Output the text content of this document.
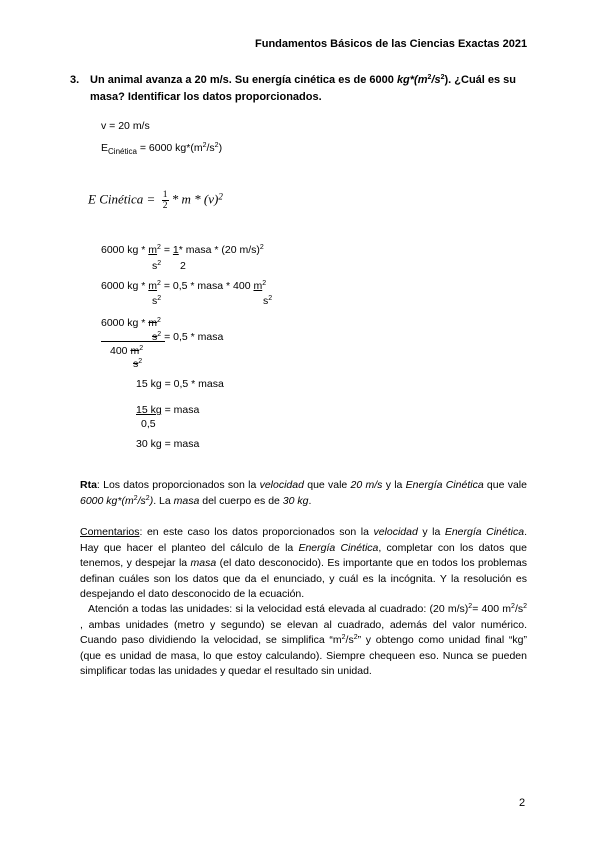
Fundamentos Básicos de las Ciencias Exactas 2021
3. Un animal avanza a 20 m/s. Su energía cinética es de 6000 $kg*(m^2/s^2)$. ¿Cuál es su
masa? Identificar los datos proporcionados.
v = 20 m/s
$E_{Cinética} = 6000$ $kg*(m^2/s^2)$
E Cinética = $\frac{1}{2}$ * m * $(v)^2$
6000 kg * $m^2 = 1*$ masa * (20 m/s)$^2$
$s^2$ 2
6000 kg * $m^2 = 0,5$ * masa * 400 $m^2$
$s^2$	$s^2$
6000 kg * $m^2$
$s^2 = 0,5$ * masa
400 $m^2$
$s^2$
15 kg = 0,5 * masa
15 kg = masa
0,5
30 kg = masa
Rta: Los datos proporcionados son la velocidad que vale 20 m/s y la Energía Cinética que vale 6000 $kg*(m^2/s^2)$. La masa del cuerpo es de 30 kg.
Comentarios: en este caso los datos proporcionados son la velocidad y la Energía Cinética. Hay que hacer el planteo del cálculo de la Energía Cinética, completar con los datos que tenemos, y despejar la masa (el dato desconocido). Es importante que en todos los problemas definan cuáles son los datos que da el enunciado, y cuál es la incógnita. Y la resolución es despejando el dato desconocido de la ecuación.
Atención a todas las unidades: si la velocidad está elevada al cuadrado: (20 m/s)$^2$= 400 $m^2/s^2$ , ambas unidades (metro y segundo) se elevan al cuadrado, además del valor numérico. Cuando paso dividiendo la velocidad, se simplifica “$m^2/s^2$” y obtengo como unidad final “kg” (que es unidad de masa, lo que estoy calculando). Siempre chequeen eso. Nunca se pueden simplificar todas las unidades y quedar el resultado sin unidad.
2
